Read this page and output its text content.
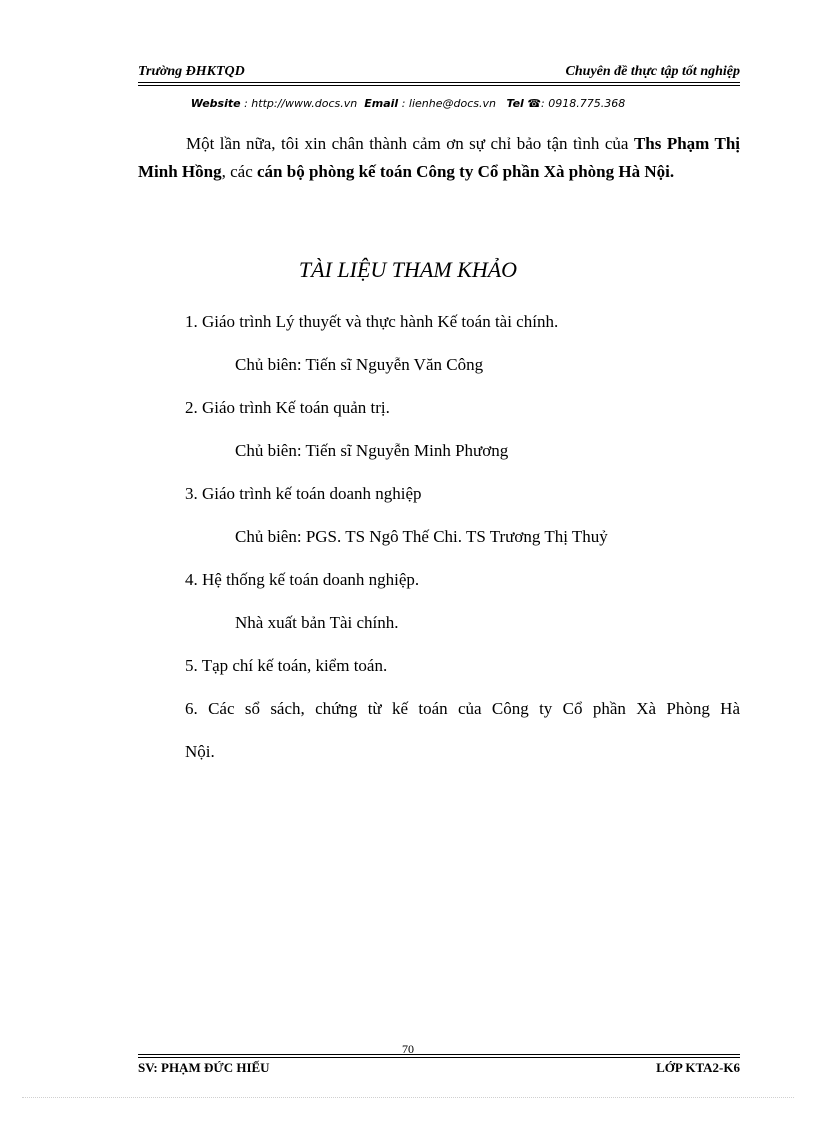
Trường ĐHKTQD	Chuyên đề thực tập tốt nghiệp
Website : http://www.docs.vn Email : lienhe@docs.vn Tel ☎: 0918.775.368
Một lần nữa, tôi xin chân thành cảm ơn sự chỉ bảo tận tình của Ths Phạm Thị Minh Hồng, các cán bộ phòng kế toán Công ty Cổ phần Xà phòng Hà Nội.
TÀI LIỆU THAM KHẢO
1. Giáo trình Lý thuyết và thực hành Kế toán tài chính.
Chủ biên: Tiến sĩ Nguyễn Văn Công
2. Giáo trình Kế toán quản trị.
Chủ biên: Tiến sĩ Nguyễn Minh Phương
3. Giáo trình kế toán doanh nghiệp
Chủ biên: PGS. TS Ngô Thế Chi. TS Trương Thị Thuỷ
4. Hệ thống kế toán doanh nghiệp.
Nhà xuất bản Tài chính.
5. Tạp chí kế toán, kiểm toán.
6. Các sổ sách, chứng từ kế toán của Công ty Cổ phần Xà Phòng Hà
Nội.
70
SV: PHẠM ĐỨC HIẾU	LỚP KTA2-K6
